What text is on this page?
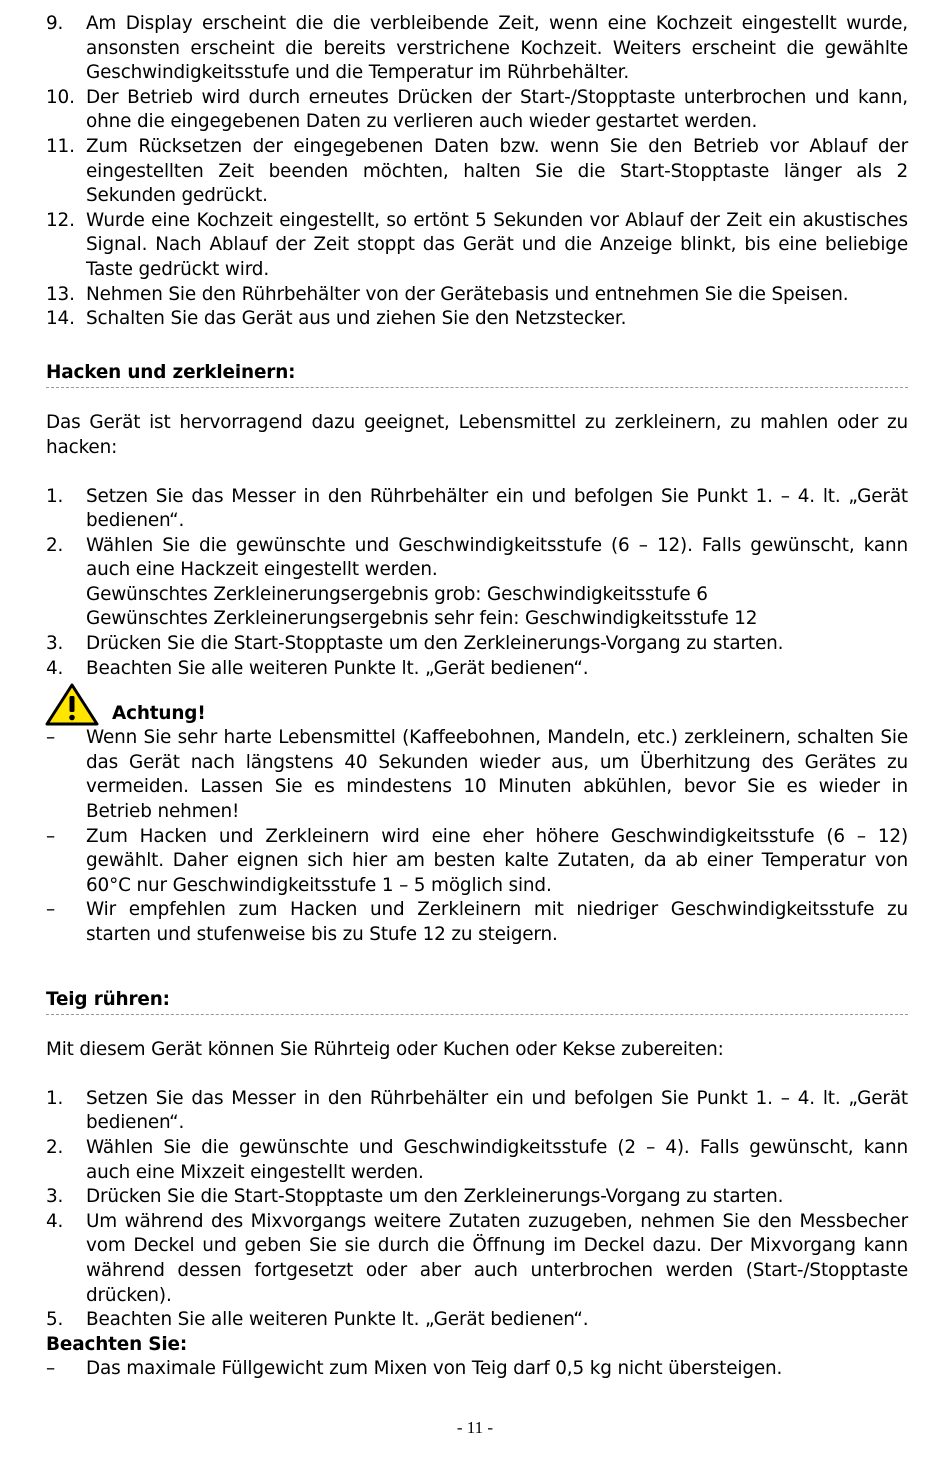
9. Am Display erscheint die die verbleibende Zeit, wenn eine Kochzeit eingestellt wurde, ansonsten erscheint die bereits verstrichene Kochzeit. Weiters erscheint die gewählte Geschwindigkeitsstufe und die Temperatur im Rührbehälter.
10. Der Betrieb wird durch erneutes Drücken der Start-/Stopptaste unterbrochen und kann, ohne die eingegebenen Daten zu verlieren auch wieder gestartet werden.
11. Zum Rücksetzen der eingegebenen Daten bzw. wenn Sie den Betrieb vor Ablauf der eingestellten Zeit beenden möchten, halten Sie die Start-Stopptaste länger als 2 Sekunden gedrückt.
12. Wurde eine Kochzeit eingestellt, so ertönt 5 Sekunden vor Ablauf der Zeit ein akustisches Signal. Nach Ablauf der Zeit stoppt das Gerät und die Anzeige blinkt, bis eine beliebige Taste gedrückt wird.
13. Nehmen Sie den Rührbehälter von der Gerätebasis und entnehmen Sie die Speisen.
14. Schalten Sie das Gerät aus und ziehen Sie den Netzstecker.

Hacken und zerkleinern:

Das Gerät ist hervorragend dazu geeignet, Lebensmittel zu zerkleinern, zu mahlen oder zu hacken:

1. Setzen Sie das Messer in den Rührbehälter ein und befolgen Sie Punkt 1. – 4. lt. „Gerät bedienen“.
2. Wählen Sie die gewünschte und Geschwindigkeitsstufe (6 – 12). Falls gewünscht, kann auch eine Hackzeit eingestellt werden.
Gewünschtes Zerkleinerungsergebnis grob: Geschwindigkeitsstufe 6
Gewünschtes Zerkleinerungsergebnis sehr fein: Geschwindigkeitsstufe 12
3. Drücken Sie die Start-Stopptaste um den Zerkleinerungs-Vorgang zu starten.
4. Beachten Sie alle weiteren Punkte lt. „Gerät bedienen“.
Achtung!
– Wenn Sie sehr harte Lebensmittel (Kaffeebohnen, Mandeln, etc.) zerkleinern, schalten Sie das Gerät nach längstens 40 Sekunden wieder aus, um Überhitzung des Gerätes zu vermeiden. Lassen Sie es mindestens 10 Minuten abkühlen, bevor Sie es wieder in Betrieb nehmen!
– Zum Hacken und Zerkleinern wird eine eher höhere Geschwindigkeitsstufe (6 – 12) gewählt. Daher eignen sich hier am besten kalte Zutaten, da ab einer Temperatur von 60°C nur Geschwindigkeitsstufe 1 – 5 möglich sind.
– Wir empfehlen zum Hacken und Zerkleinern mit niedriger Geschwindigkeitsstufe zu starten und stufenweise bis zu Stufe 12 zu steigern.

Teig rühren:

Mit diesem Gerät können Sie Rührteig oder Kuchen oder Kekse zubereiten:

1. Setzen Sie das Messer in den Rührbehälter ein und befolgen Sie Punkt 1. – 4. lt. „Gerät bedienen“.
2. Wählen Sie die gewünschte und Geschwindigkeitsstufe (2 – 4). Falls gewünscht, kann auch eine Mixzeit eingestellt werden.
3. Drücken Sie die Start-Stopptaste um den Zerkleinerungs-Vorgang zu starten.
4. Um während des Mixvorgangs weitere Zutaten zuzugeben, nehmen Sie den Messbecher vom Deckel und geben Sie sie durch die Öffnung im Deckel dazu. Der Mixvorgang kann während dessen fortgesetzt oder aber auch unterbrochen werden (Start-/Stopptaste drücken).
5. Beachten Sie alle weiteren Punkte lt. „Gerät bedienen“.

Beachten Sie:

– Das maximale Füllgewicht zum Mixen von Teig darf 0,5 kg nicht übersteigen.
- 11 -
